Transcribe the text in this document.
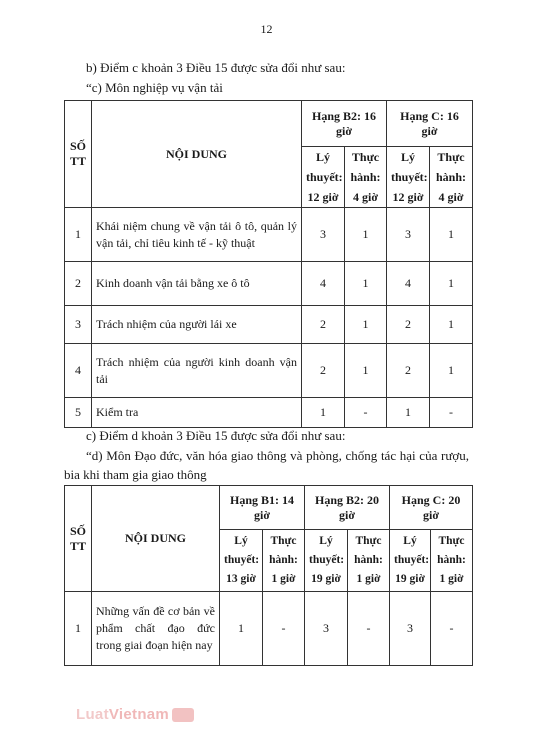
12
b) Điểm c khoản 3 Điều 15 được sửa đổi như sau:
“c) Môn nghiệp vụ vận tải
SỐ TT	NỘI DUNG	Hạng B2: 16 giờ		Hạng C: 16 giờ	
		Lý thuyết: 12 giờ	Thực hành: 4 giờ	Lý thuyết: 12 giờ	Thực hành: 4 giờ
1	Khái niệm chung về vận tải ô tô, quản lý vận tải, chỉ tiêu kinh tế - kỹ thuật	3	1	3	1
2	Kinh doanh vận tải bằng xe ô tô	4	1	4	1
3	Trách nhiệm của người lái xe	2	1	2	1
4	Trách nhiệm của người kinh doanh vận tải	2	1	2	1
5	Kiểm tra	1	-	1	-
c) Điểm d khoản 3 Điều 15 được sửa đổi như sau:
“d) Môn Đạo đức, văn hóa giao thông và phòng, chống tác hại của rượu, bia khi tham gia giao thông
SỐ TT	NỘI DUNG	Hạng B1: 14 giờ		Hạng B2: 20 giờ		Hạng C: 20 giờ	
		Lý thuyết: 13 giờ	Thực hành: 1 giờ	Lý thuyết: 19 giờ	Thực hành: 1 giờ	Lý thuyết: 19 giờ	Thực hành: 1 giờ
1	Những vấn đề cơ bản về phẩm chất đạo đức trong giai đoạn hiện nay	1	-	3	-	3	-
LuatVietnam
